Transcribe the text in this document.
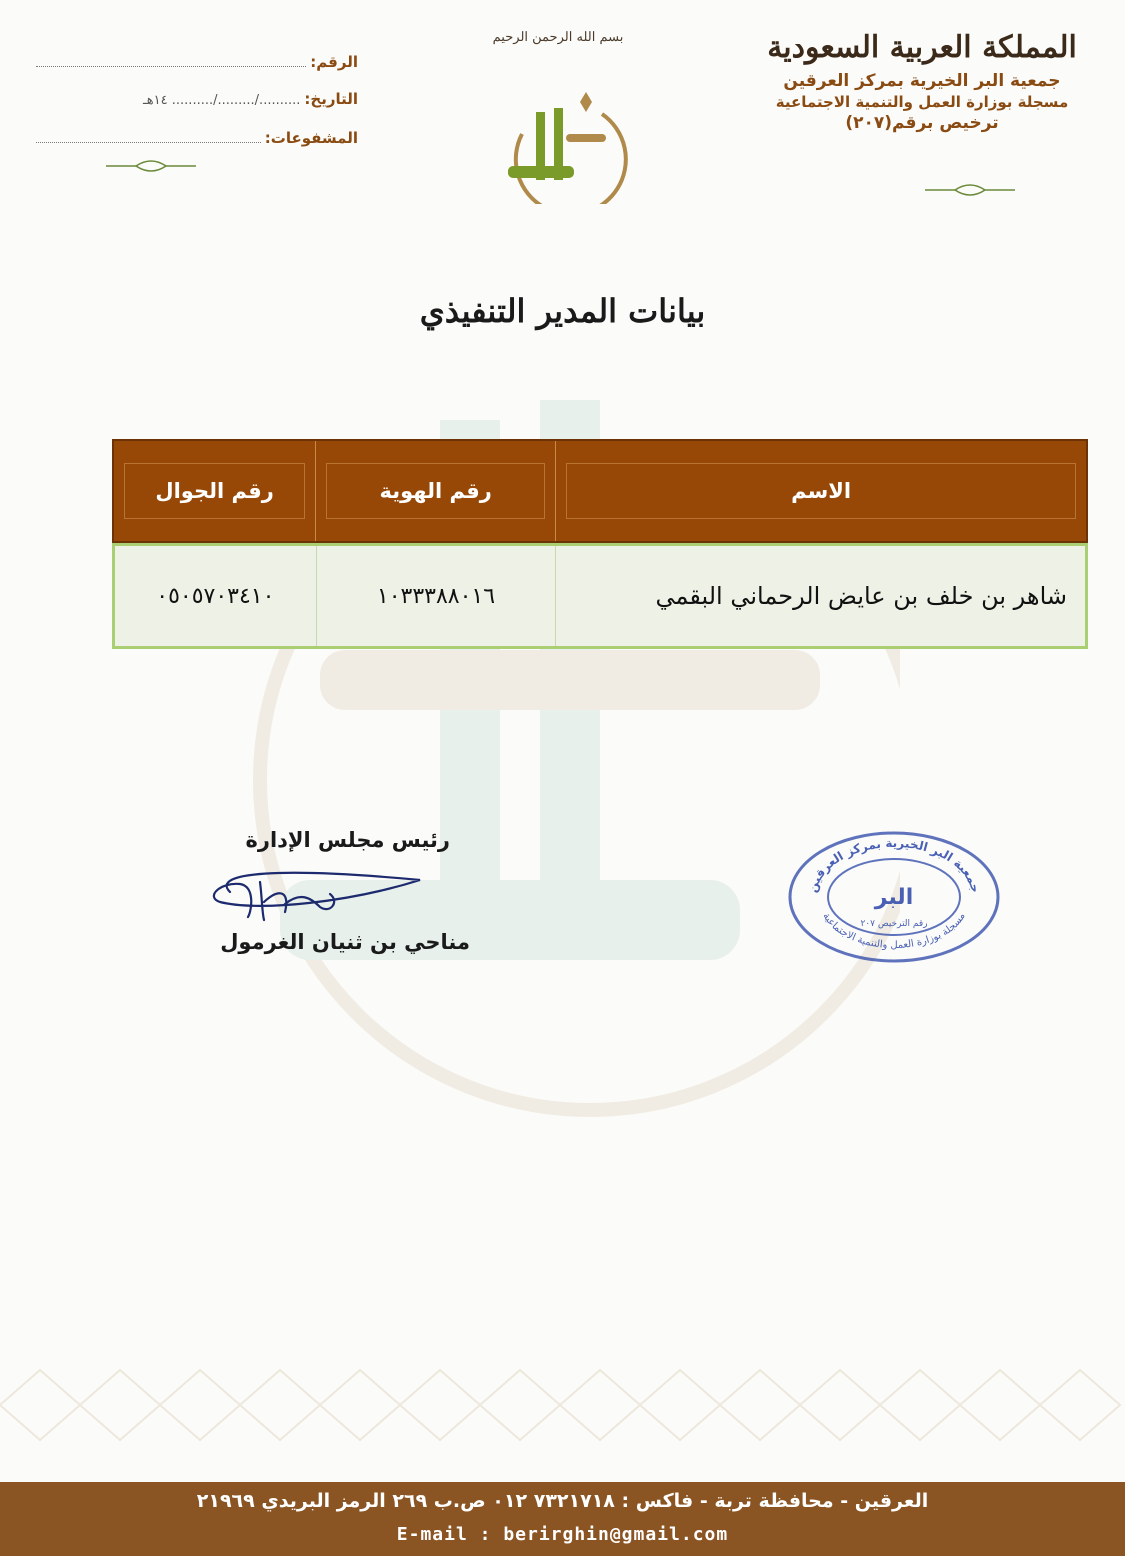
المملكة العربية السعودية
جمعية البر الخيرية بمركز العرقين
مسجلة بوزارة العمل والتنمية الاجتماعية
ترخيص برقم(٢٠٧)
بسم الله الرحمن الرحيم
الرقم:
التاريخ:
........../........./.......... ١٤هـ
المشفوعات:
بيانات المدير التنفيذي
الاسم
رقم الهوية
رقم الجوال
شاهر بن خلف بن عايض الرحماني البقمي
١٠٣٣٣٨٨٠١٦
٠٥٠٥٧٠٣٤١٠
رئيس مجلس الإدارة
مناحي بن ثنيان الغرمول
جمعية البر الخيرية بمركز العرقين
مسجلة بوزارة العمل والتنمية الاجتماعية
البر
رقم الترخيص ٢٠٧
العرقين - محافظة تربة - فاكس : ٧٣٢١٧١٨ ٠١٢ ص.ب ٢٦٩ الرمز البريدي ٢١٩٦٩
E-mail : berirghin@gmail.com
